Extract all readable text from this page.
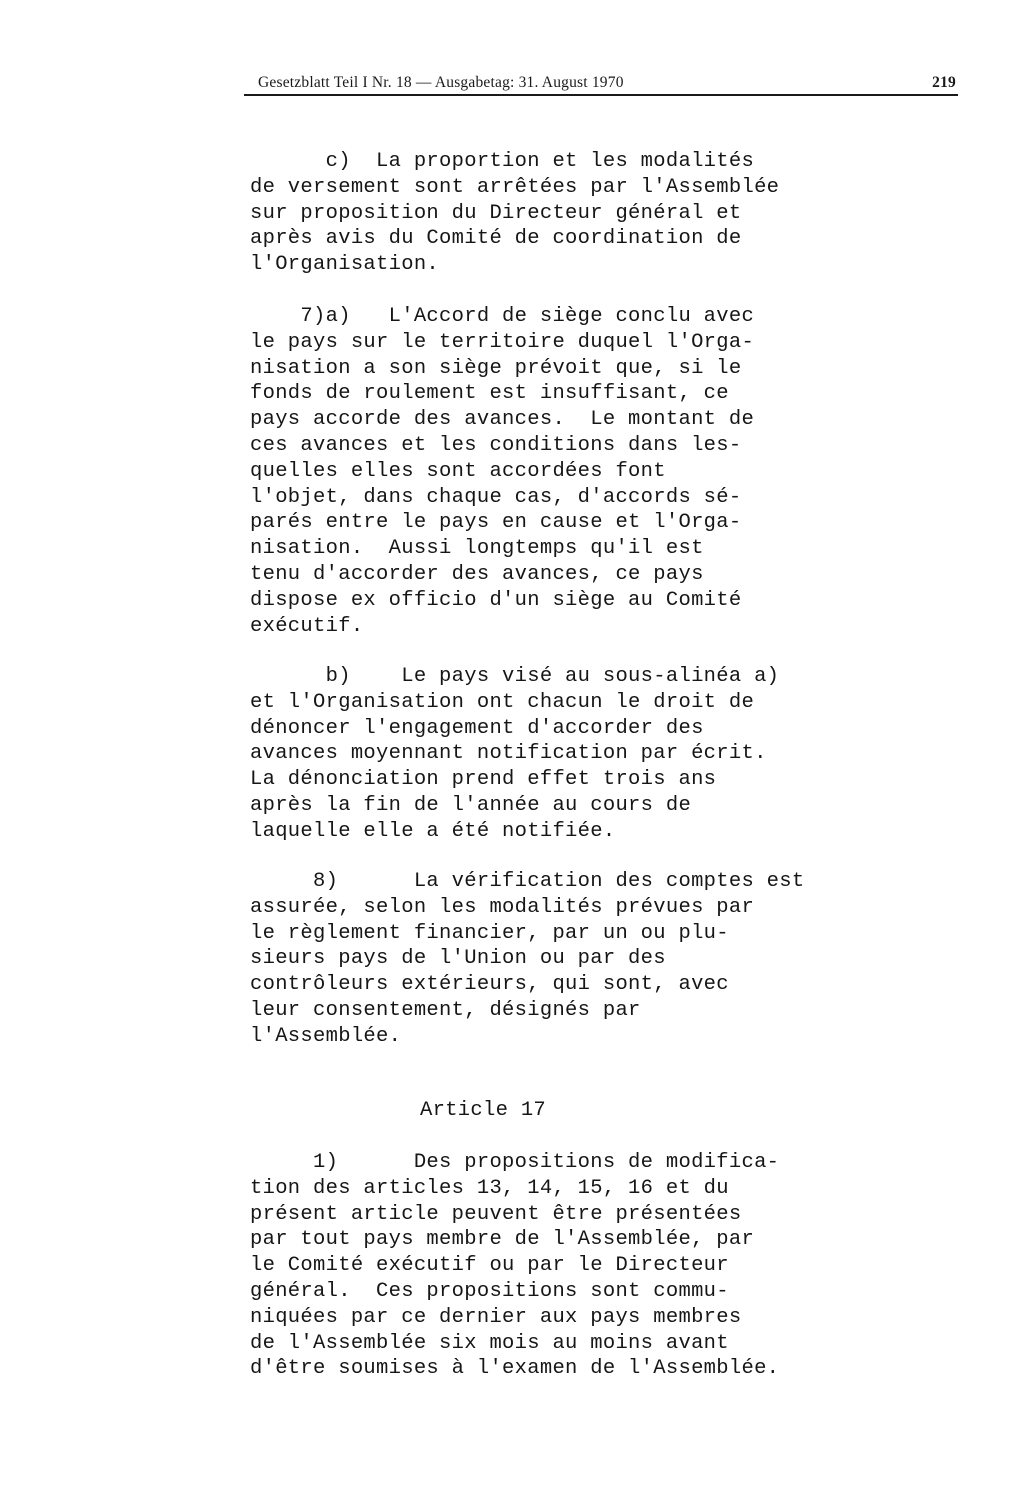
Gesetzblatt Teil I Nr. 18 — Ausgabetag: 31. August 1970	219
c)  La proportion et les modalités
de versement sont arrêtées par l'Assemblée
sur proposition du Directeur général et
après avis du Comité de coordination de
l'Organisation.
7)a)   L'Accord de siège conclu avec
le pays sur le territoire duquel l'Orga-
nisation a son siège prévoit que, si le
fonds de roulement est insuffisant, ce
pays accorde des avances.  Le montant de
ces avances et les conditions dans les-
quelles elles sont accordées font
l'objet, dans chaque cas, d'accords sé-
parés entre le pays en cause et l'Orga-
nisation.  Aussi longtemps qu'il est
tenu d'accorder des avances, ce pays
dispose ex officio d'un siège au Comité
exécutif.
b)    Le pays visé au sous-alinéa a)
et l'Organisation ont chacun le droit de
dénoncer l'engagement d'accorder des
avances moyennant notification par écrit.
La dénonciation prend effet trois ans
après la fin de l'année au cours de
laquelle elle a été notifiée.
8)      La vérification des comptes est
assurée, selon les modalités prévues par
le règlement financier, par un ou plu-
sieurs pays de l'Union ou par des
contrôleurs extérieurs, qui sont, avec
leur consentement, désignés par
l'Assemblée.
Article 17
1)      Des propositions de modifica-
tion des articles 13, 14, 15, 16 et du
présent article peuvent être présentées
par tout pays membre de l'Assemblée, par
le Comité exécutif ou par le Directeur
général.  Ces propositions sont commu-
niquées par ce dernier aux pays membres
de l'Assemblée six mois au moins avant
d'être soumises à l'examen de l'Assemblée.
